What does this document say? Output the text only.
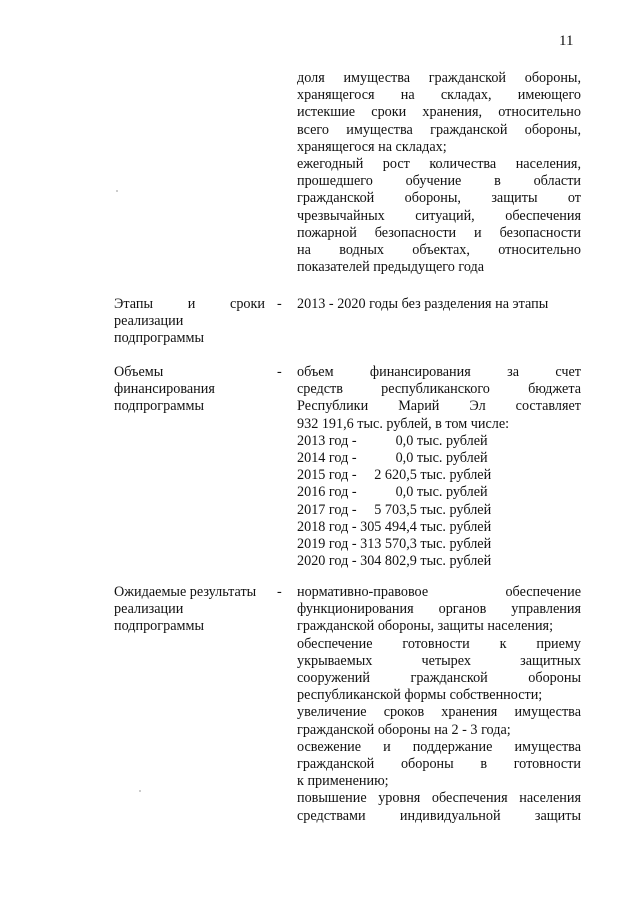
11
доля имущества гражданской обороны,
хранящегося на складах, имеющего
истекшие сроки хранения, относительно
всего имущества гражданской обороны,
хранящегося на складах;
ежегодный рост количества населения,
прошедшего обучение в области
гражданской обороны, защиты от
чрезвычайных ситуаций, обеспечения
пожарной безопасности и безопасности
на водных объектах, относительно
показателей предыдущего года
Этапы и сроки
реализации
подпрограммы
- 2013 - 2020 годы без разделения на этапы
Объемы
финансирования
подпрограммы
- объем финансирования за счет
средств республиканского бюджета
Республики Марий Эл составляет
932 191,6 тыс. рублей, в том числе:
2013 год -           0,0 тыс. рублей
2014 год -           0,0 тыс. рублей
2015 год -     2 620,5 тыс. рублей
2016 год -           0,0 тыс. рублей
2017 год -     5 703,5 тыс. рублей
2018 год - 305 494,4 тыс. рублей
2019 год - 313 570,3 тыс. рублей
2020 год - 304 802,9 тыс. рублей
Ожидаемые результаты
реализации
подпрограммы
- нормативно-правовое обеспечение
функционирования органов управления
гражданской обороны, защиты населения;
обеспечение готовности к приему
укрываемых четырех защитных
сооружений гражданской обороны
республиканской формы собственности;
увеличение сроков хранения имущества
гражданской обороны на 2 - 3 года;
освежение и поддержание имущества
гражданской обороны в готовности
к применению;
повышение уровня обеспечения населения
средствами индивидуальной защиты
